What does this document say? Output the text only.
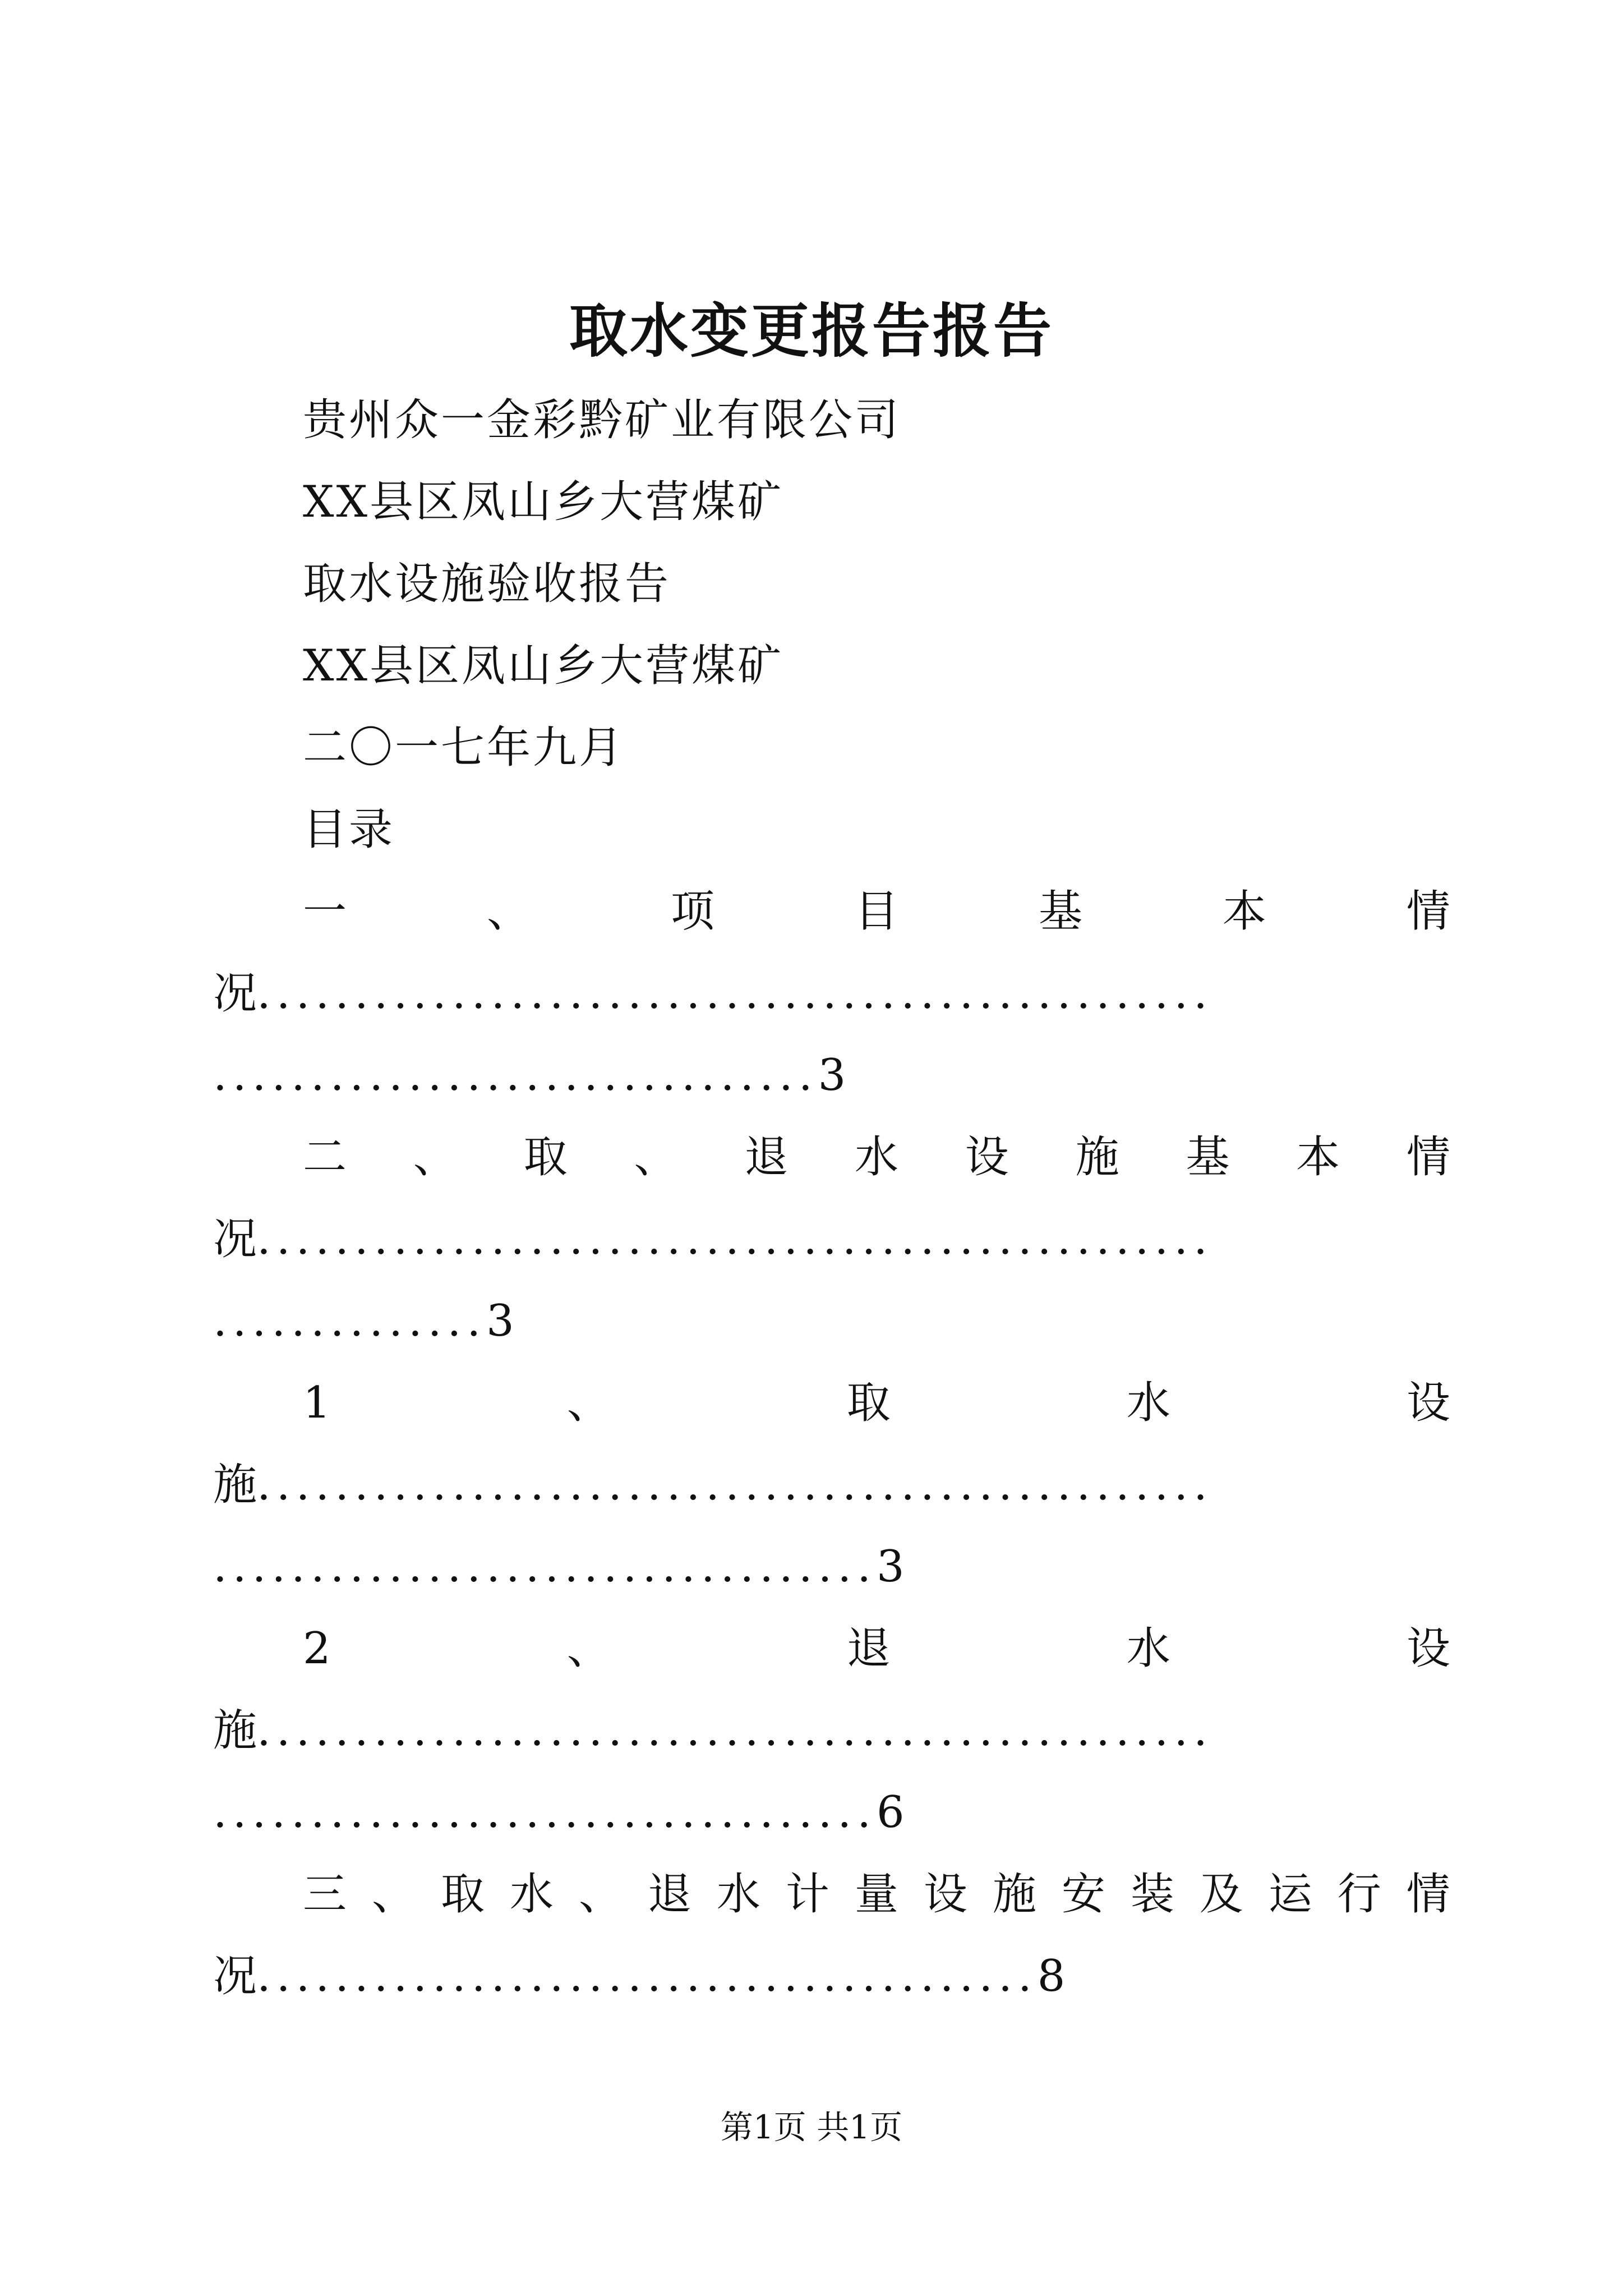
取水变更报告报告
贵州众一金彩黔矿业有限公司
XX县区凤山乡大营煤矿
取水设施验收报告
XX县区凤山乡大营煤矿
二〇一七年九月
目录
一	、	项	目	基	本	情
况.................................................
...............................3
二 、 取 、 退 水 设 施 基 本 情
况.................................................
..............3
1	、	取	水	设
施.................................................
..................................3
2	、	退	水	设
施.................................................
..................................6
三 、 取 水 、 退 水 计 量 设 施 安 装 及 运 行 情
况........................................8
第1页 共1页
